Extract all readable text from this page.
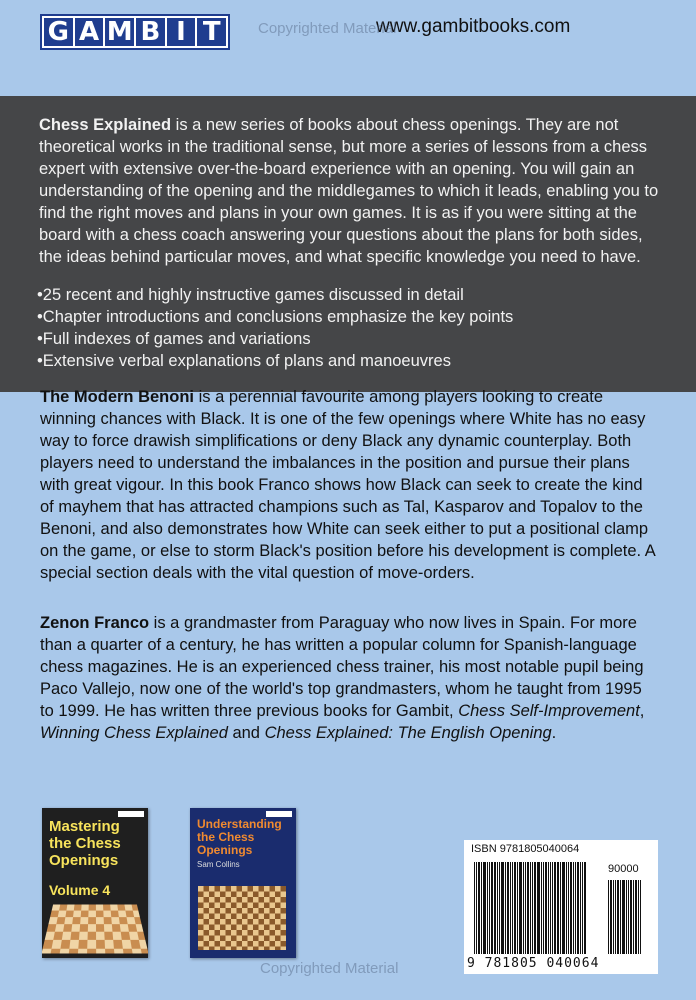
G A M B I T	www.gambitbooks.com
Copyrighted Material

Chess Explained is a new series of books about chess openings. They are not theoretical works in the traditional sense, but more a series of lessons from a chess expert with extensive over-the-board experience with an opening. You will gain an understanding of the opening and the middlegames to which it leads, enabling you to find the right moves and plans in your own games. It is as if you were sitting at the board with a chess coach answering your questions about the plans for both sides, the ideas behind particular moves, and what specific knowledge you need to have.

• 25 recent and highly instructive games discussed in detail
• Chapter introductions and conclusions emphasize the key points
• Full indexes of games and variations
• Extensive verbal explanations of plans and manoeuvres

The Modern Benoni is a perennial favourite among players looking to create winning chances with Black. It is one of the few openings where White has no easy way to force drawish simplifications or deny Black any dynamic counterplay. Both players need to understand the imbalances in the position and pursue their plans with great vigour. In this book Franco shows how Black can seek to create the kind of mayhem that has attracted champions such as Tal, Kasparov and Topalov to the Benoni, and also demonstrates how White can seek either to put a positional clamp on the game, or else to storm Black's position before his development is complete. A special section deals with the vital question of move-orders.

Zenon Franco is a grandmaster from Paraguay who now lives in Spain. For more than a quarter of a century, he has written a popular column for Spanish-language chess magazines. He is an experienced chess trainer, his most notable pupil being Paco Vallejo, now one of the world's top grandmasters, whom he taught from 1995 to 1999. He has written three previous books for Gambit, Chess Self-Improvement, Winning Chess Explained and Chess Explained: The English Opening.

Mastering
the Chess
Openings
Volume 4
Understanding
the Chess
Openings
Sam Collins
Copyrighted Material
ISBN 9781805040064
90000
9 781805 040064
